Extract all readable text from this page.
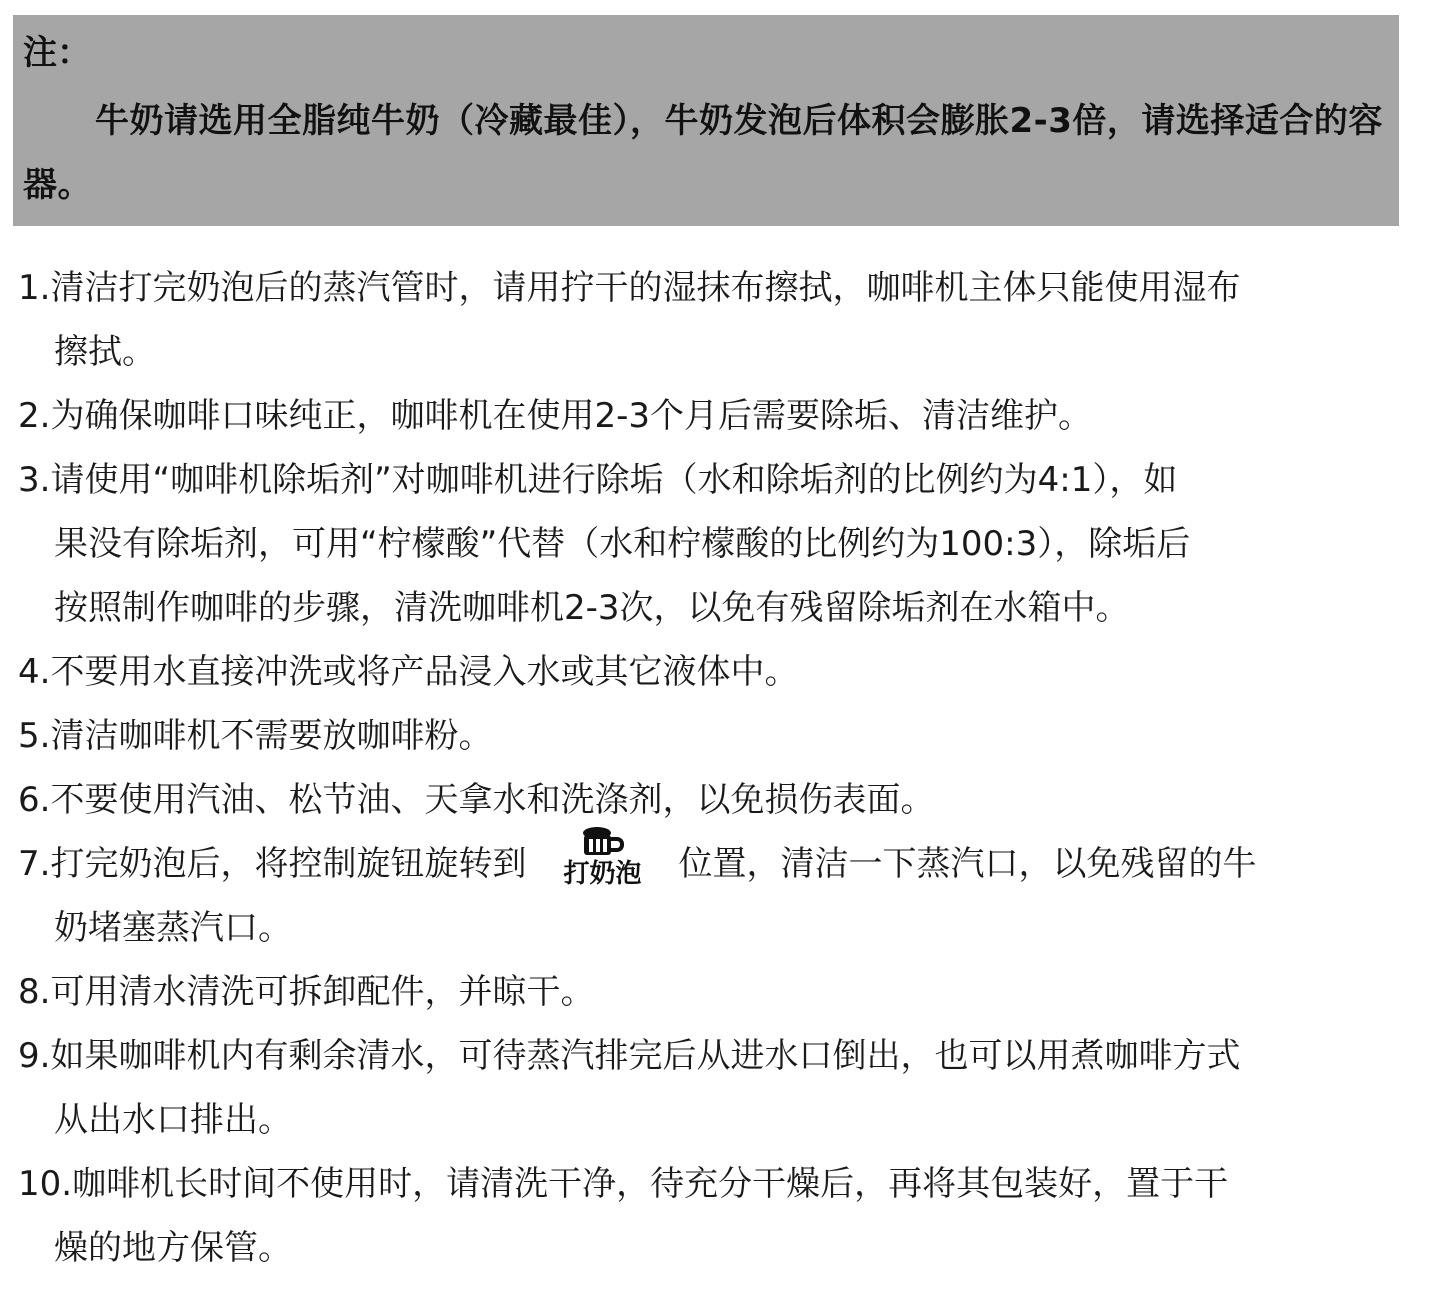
注：
牛奶请选用全脂纯牛奶（冷藏最佳），牛奶发泡后体积会膨胀2-3倍，请选择适合的容器。
1.清洁打完奶泡后的蒸汽管时，请用拧干的湿抹布擦拭，咖啡机主体只能使用湿布
擦拭。
2.为确保咖啡口味纯正，咖啡机在使用2-3个月后需要除垢、清洁维护。
3.请使用“咖啡机除垢剂”对咖啡机进行除垢（水和除垢剂的比例约为4:1），如
果没有除垢剂，可用“柠檬酸”代替（水和柠檬酸的比例约为100:3），除垢后
按照制作咖啡的步骤，清洗咖啡机2-3次，以免有残留除垢剂在水箱中。
4.不要用水直接冲洗或将产品浸入水或其它液体中。
5.清洁咖啡机不需要放咖啡粉。
6.不要使用汽油、松节油、天拿水和洗涤剂，以免损伤表面。
7.打完奶泡后，将控制旋钮旋转到	打奶泡 位置，清洁一下蒸汽口，以免残留的牛
奶堵塞蒸汽口。
8.可用清水清洗可拆卸配件，并晾干。
9.如果咖啡机内有剩余清水，可待蒸汽排完后从进水口倒出，也可以用煮咖啡方式
从出水口排出。
10.咖啡机长时间不使用时，请清洗干净，待充分干燥后，再将其包装好，置于干
燥的地方保管。
